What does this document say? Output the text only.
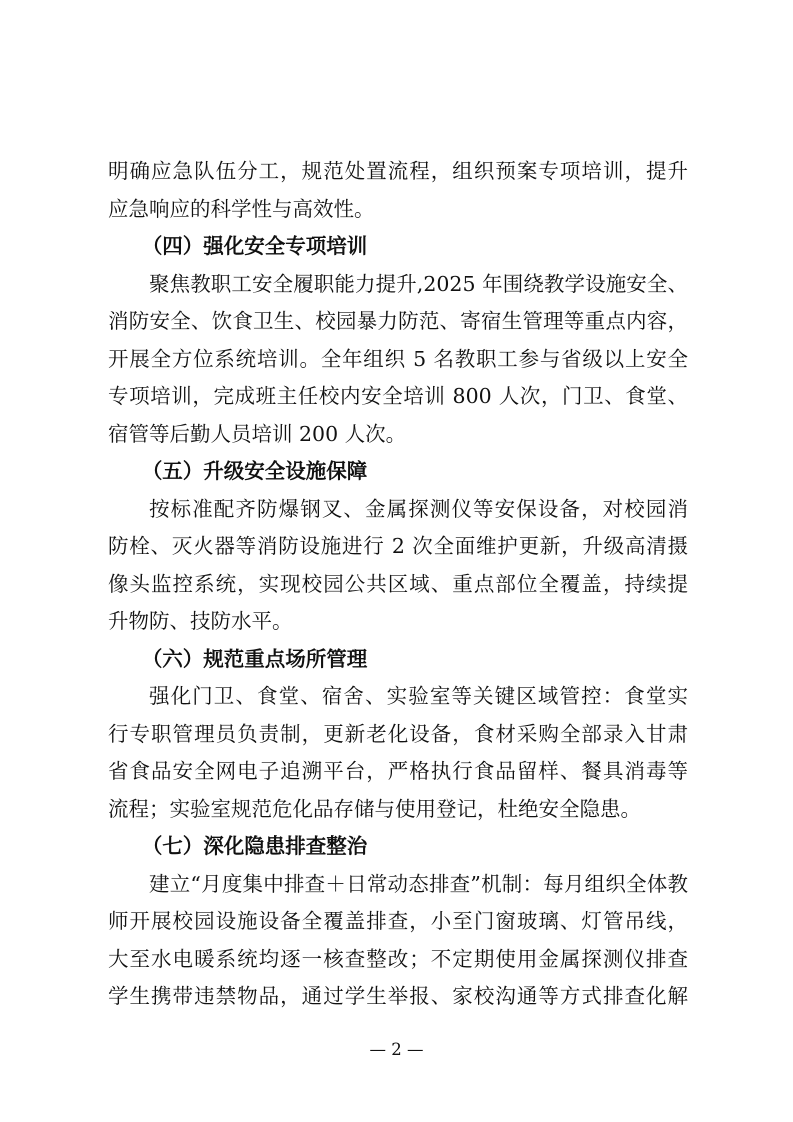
明确应急队伍分工，规范处置流程，组织预案专项培训，提升
应急响应的科学性与高效性。
（四）强化安全专项培训
聚焦教职工安全履职能力提升,2025 年围绕教学设施安全、
消防安全、饮食卫生、校园暴力防范、寄宿生管理等重点内容，
开展全方位系统培训。全年组织 5 名教职工参与省级以上安全
专项培训，完成班主任校内安全培训 800 人次，门卫、食堂、
宿管等后勤人员培训 200 人次。
（五）升级安全设施保障
按标准配齐防爆钢叉、金属探测仪等安保设备，对校园消
防栓、灭火器等消防设施进行 2 次全面维护更新，升级高清摄
像头监控系统，实现校园公共区域、重点部位全覆盖，持续提
升物防、技防水平。
（六）规范重点场所管理
强化门卫、食堂、宿舍、实验室等关键区域管控：食堂实
行专职管理员负责制，更新老化设备，食材采购全部录入甘肃
省食品安全网电子追溯平台，严格执行食品留样、餐具消毒等
流程；实验室规范危化品存储与使用登记，杜绝安全隐患。
（七）深化隐患排查整治
建立“月度集中排查＋日常动态排查”机制：每月组织全体教
师开展校园设施设备全覆盖排查，小至门窗玻璃、灯管吊线，
大至水电暖系统均逐一核查整改；不定期使用金属探测仪排查
学生携带违禁物品，通过学生举报、家校沟通等方式排查化解
— 2 —
